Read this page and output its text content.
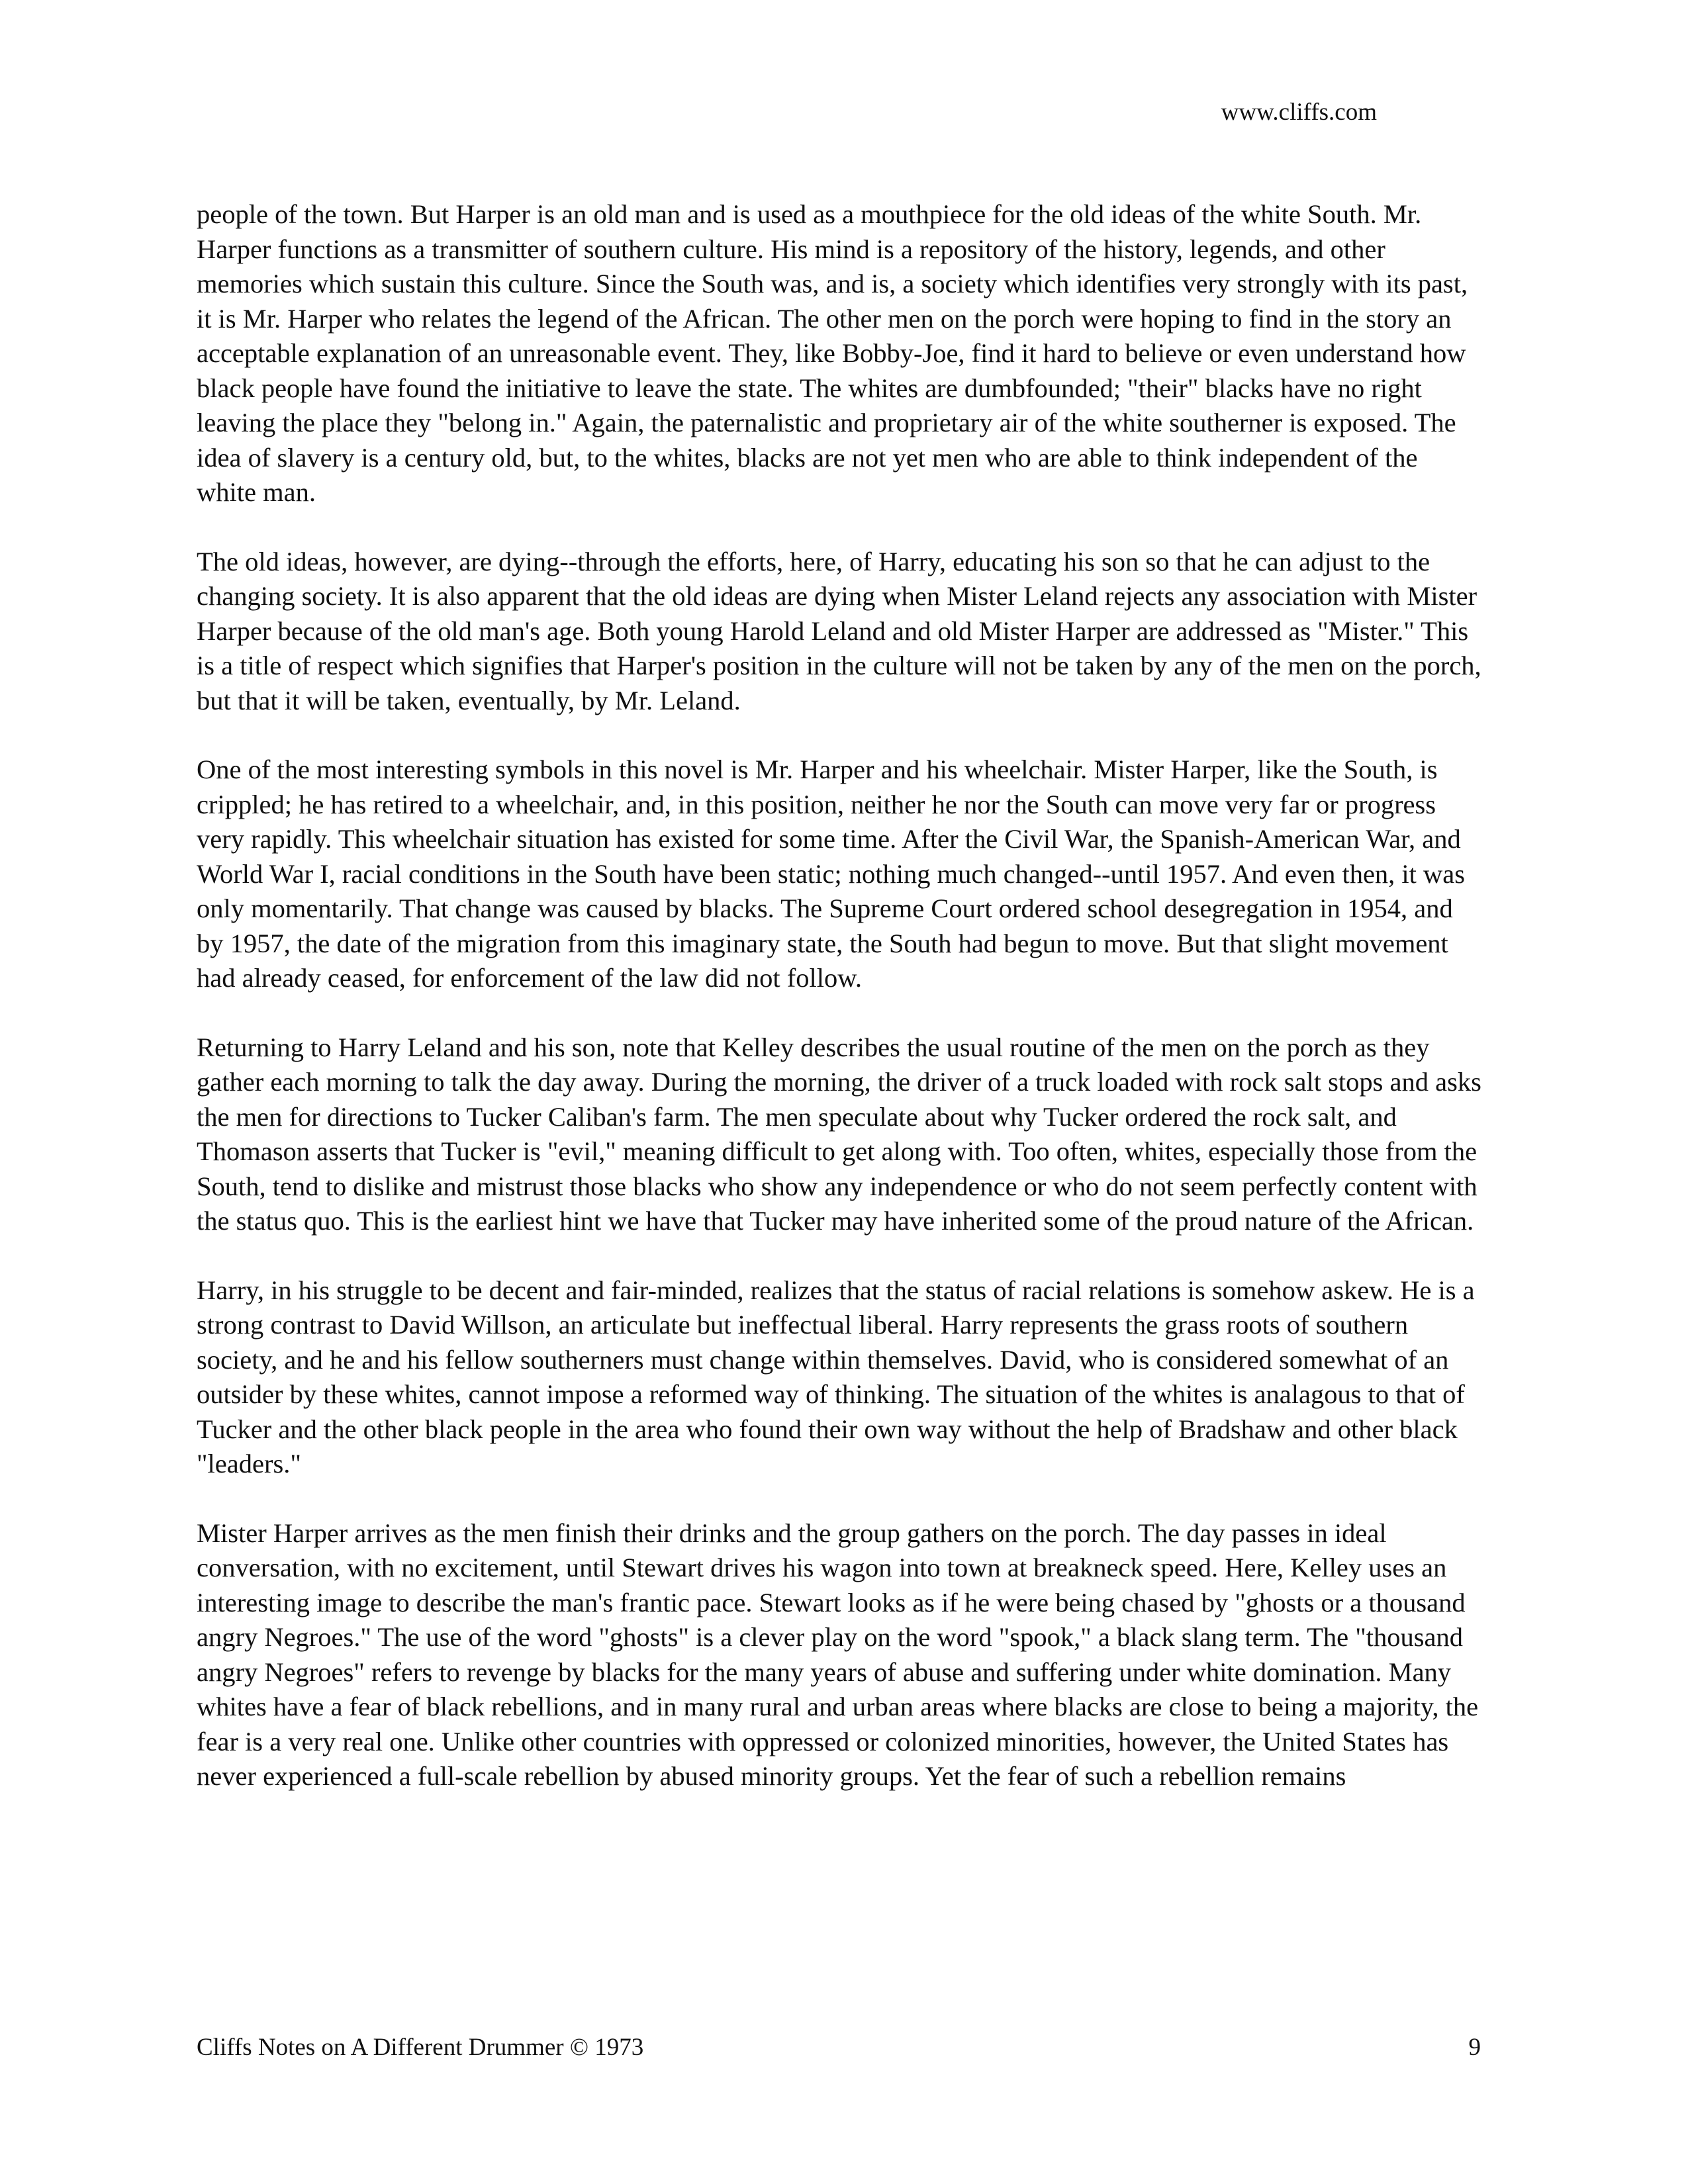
www.cliffs.com

people of the town. But Harper is an old man and is used as a mouthpiece for the old ideas of the white South. Mr. Harper functions as a transmitter of southern culture. His mind is a repository of the history, legends, and other memories which sustain this culture. Since the South was, and is, a society which identifies very strongly with its past, it is Mr. Harper who relates the legend of the African. The other men on the porch were hoping to find in the story an acceptable explanation of an unreasonable event. They, like Bobby-Joe, find it hard to believe or even understand how black people have found the initiative to leave the state. The whites are dumbfounded; "their" blacks have no right leaving the place they "belong in." Again, the paternalistic and proprietary air of the white southerner is exposed. The idea of slavery is a century old, but, to the whites, blacks are not yet men who are able to think independent of the white man.

The old ideas, however, are dying--through the efforts, here, of Harry, educating his son so that he can adjust to the changing society. It is also apparent that the old ideas are dying when Mister Leland rejects any association with Mister Harper because of the old man's age. Both young Harold Leland and old Mister Harper are addressed as "Mister." This is a title of respect which signifies that Harper's position in the culture will not be taken by any of the men on the porch, but that it will be taken, eventually, by Mr. Leland.

One of the most interesting symbols in this novel is Mr. Harper and his wheelchair. Mister Harper, like the South, is crippled; he has retired to a wheelchair, and, in this position, neither he nor the South can move very far or progress very rapidly. This wheelchair situation has existed for some time. After the Civil War, the Spanish-American War, and World War I, racial conditions in the South have been static; nothing much changed--until 1957. And even then, it was only momentarily. That change was caused by blacks. The Supreme Court ordered school desegregation in 1954, and by 1957, the date of the migration from this imaginary state, the South had begun to move. But that slight movement had already ceased, for enforcement of the law did not follow.

Returning to Harry Leland and his son, note that Kelley describes the usual routine of the men on the porch as they gather each morning to talk the day away. During the morning, the driver of a truck loaded with rock salt stops and asks the men for directions to Tucker Caliban's farm. The men speculate about why Tucker ordered the rock salt, and Thomason asserts that Tucker is "evil," meaning difficult to get along with. Too often, whites, especially those from the South, tend to dislike and mistrust those blacks who show any independence or who do not seem perfectly content with the status quo. This is the earliest hint we have that Tucker may have inherited some of the proud nature of the African.

Harry, in his struggle to be decent and fair-minded, realizes that the status of racial relations is somehow askew. He is a strong contrast to David Willson, an articulate but ineffectual liberal. Harry represents the grass roots of southern society, and he and his fellow southerners must change within themselves. David, who is considered somewhat of an outsider by these whites, cannot impose a reformed way of thinking. The situation of the whites is analagous to that of Tucker and the other black people in the area who found their own way without the help of Bradshaw and other black "leaders."

Mister Harper arrives as the men finish their drinks and the group gathers on the porch. The day passes in ideal conversation, with no excitement, until Stewart drives his wagon into town at breakneck speed. Here, Kelley uses an interesting image to describe the man's frantic pace. Stewart looks as if he were being chased by "ghosts or a thousand angry Negroes." The use of the word "ghosts" is a clever play on the word "spook," a black slang term. The "thousand angry Negroes" refers to revenge by blacks for the many years of abuse and suffering under white domination. Many whites have a fear of black rebellions, and in many rural and urban areas where blacks are close to being a majority, the fear is a very real one. Unlike other countries with oppressed or colonized minorities, however, the United States has never experienced a full-scale rebellion by abused minority groups. Yet the fear of such a rebellion remains

Cliffs Notes on A Different Drummer © 1973	9
